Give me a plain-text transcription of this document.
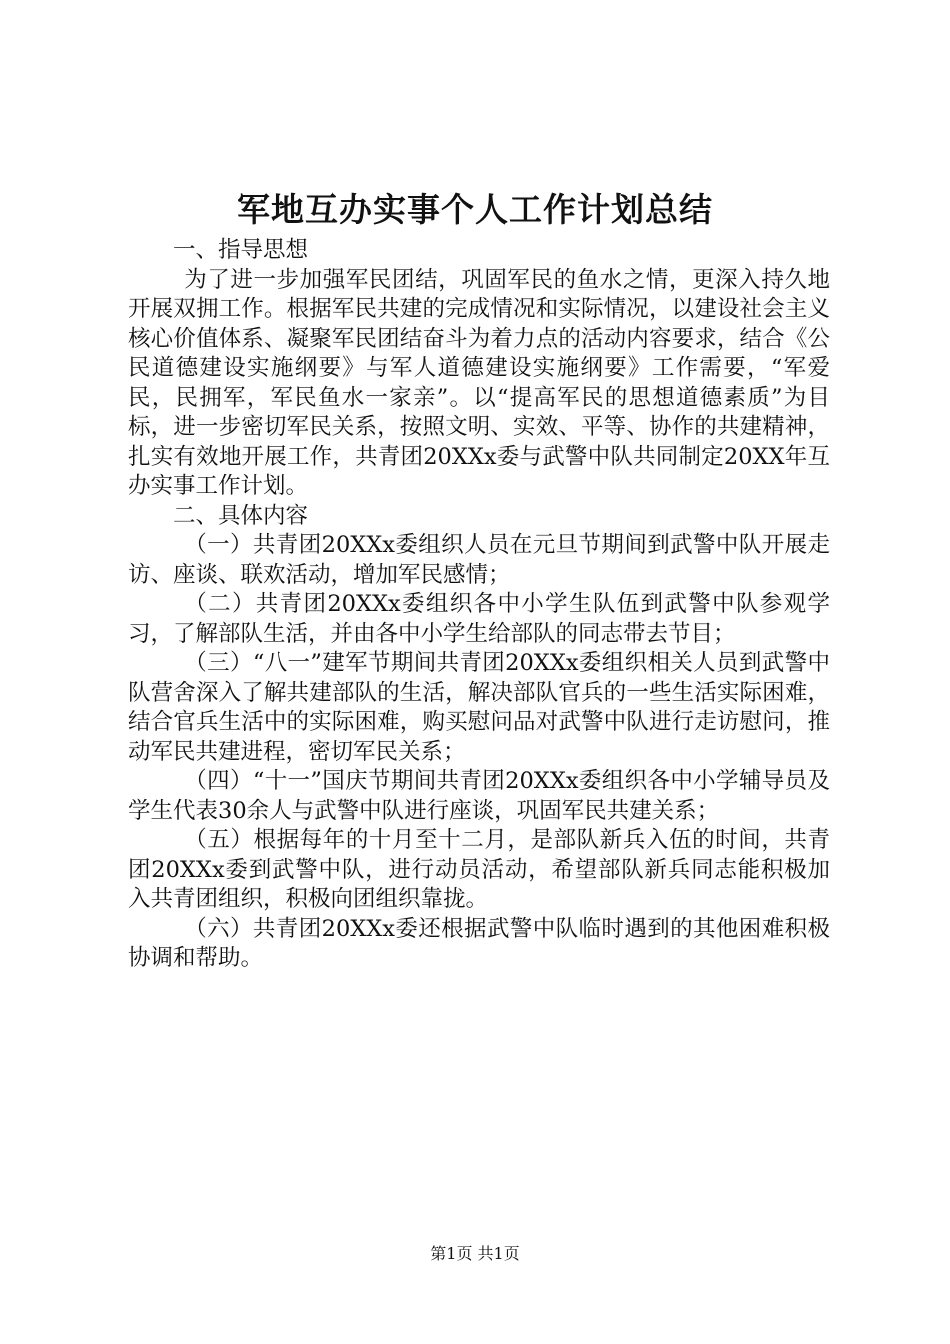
军地互办实事个人工作计划总结

一、指导思想

为了进一步加强军民团结，巩固军民的鱼水之情，更深入持久地开展双拥工作。根据军民共建的完成情况和实际情况，以建设社会主义核心价值体系、凝聚军民团结奋斗为着力点的活动内容要求，结合《公民道德建设实施纲要》与军人道德建设实施纲要》工作需要，“军爱民，民拥军，军民鱼水一家亲”。以“提高军民的思想道德素质”为目标，进一步密切军民关系，按照文明、实效、平等、协作的共建精神，扎实有效地开展工作，共青团20XXx委与武警中队共同制定20XX年互办实事工作计划。

二、具体内容

（一）共青团20XXx委组织人员在元旦节期间到武警中队开展走访、座谈、联欢活动，增加军民感情；

（二）共青团20XXx委组织各中小学生队伍到武警中队参观学习，了解部队生活，并由各中小学生给部队的同志带去节目；

（三）“八一”建军节期间共青团20XXx委组织相关人员到武警中队营舍深入了解共建部队的生活，解决部队官兵的一些生活实际困难，结合官兵生活中的实际困难，购买慰问品对武警中队进行走访慰问，推动军民共建进程，密切军民关系；

（四）“十一”国庆节期间共青团20XXx委组织各中小学辅导员及学生代表30余人与武警中队进行座谈，巩固军民共建关系；

（五）根据每年的十月至十二月，是部队新兵入伍的时间，共青团20XXx委到武警中队，进行动员活动，希望部队新兵同志能积极加入共青团组织，积极向团组织靠拢。

（六）共青团20XXx委还根据武警中队临时遇到的其他困难积极协调和帮助。

第1页 共1页
